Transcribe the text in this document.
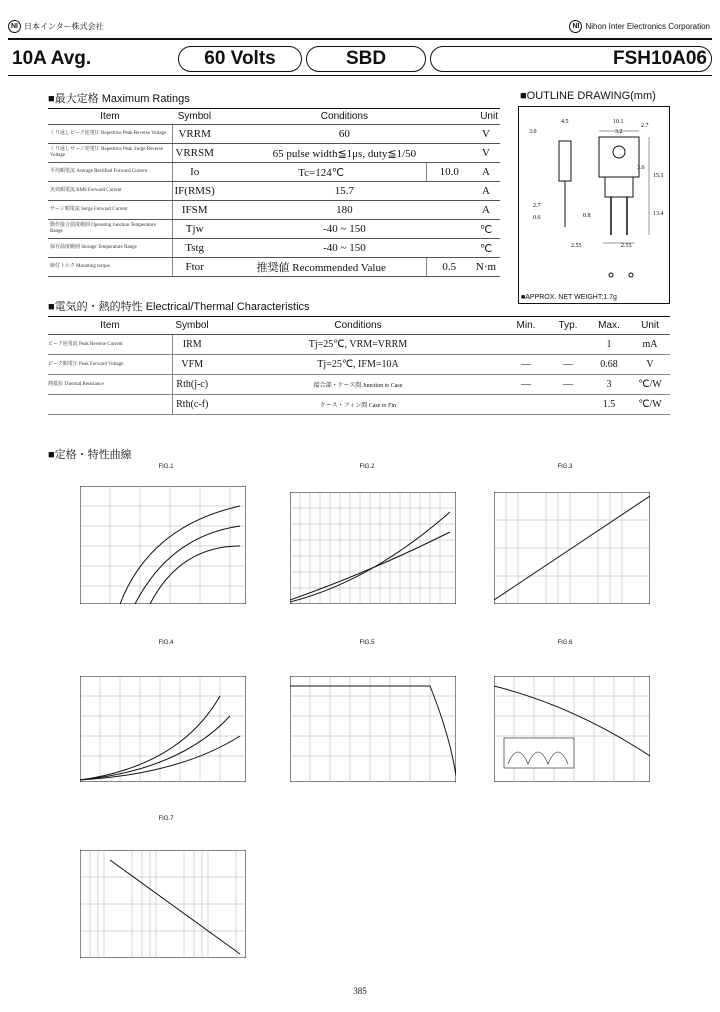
NI 日本インター株式会社	NI Nihon Inter Electronics Corporation
10A Avg.	60 Volts	SBD	FSH10A06
■最大定格 Maximum Ratings
Item	Symbol	Conditions		Unit
くり返しピーク逆電圧 Repetitive Peak Reverse Voltage	VRRM	60		V
くり返しサージ逆電圧 Repetitive Peak Surge Reverse Voltage	VRRSM	65 pulse width≦1μs, duty≦1/50		V
平均順電流 Average Rectified Forward Current	Io	Tc=124℃	10.0	A
実効順電流 RMS Forward Current	IF(RMS)	15.7		A
サージ順電流 Surge Forward Current	IFSM	180		A
動作接合温度範囲 Operating Junction Temperature Range	Tjw	-40 ~ 150		℃
保存温度範囲 Storage Temperature Range	Tstg	-40 ~ 150		℃
締付トルク Mounting torque	Ftor	推奨値 Recommended Value	0.5	N·m
■OUTLINE DRAWING(mm)
4.5	10.1
3.2
2.7
3.0
15.1
3.6
13.4
2.7
0.6	0.8
2.55	2.55
■APPROX. NET WEIGHT:1.7g
■電気的・熱的特性 Electrical/Thermal Characteristics
Item	Symbol	Conditions	Min.	Typ.	Max.	Unit
ピーク逆電流 Peak Reverse Current	IRM	Tj=25℃, VRM=VRRM			1	mA
ピーク順電圧 Peak Forward Voltage	VFM	Tj=25℃, IFM=10A	—	—	0.68	V
熱抵抗 Thermal Resistance	Rth(j-c)	接合部・ケース間 Junction to Case	—	—	3	℃/W
	Rth(c-f)	ケース・フィン間 Case to Fin			1.5	℃/W
■定格・特性曲線
FIG.1	FIG.2	FIG.3
FIG.4	FIG.5	FIG.6
FIG.7
385
